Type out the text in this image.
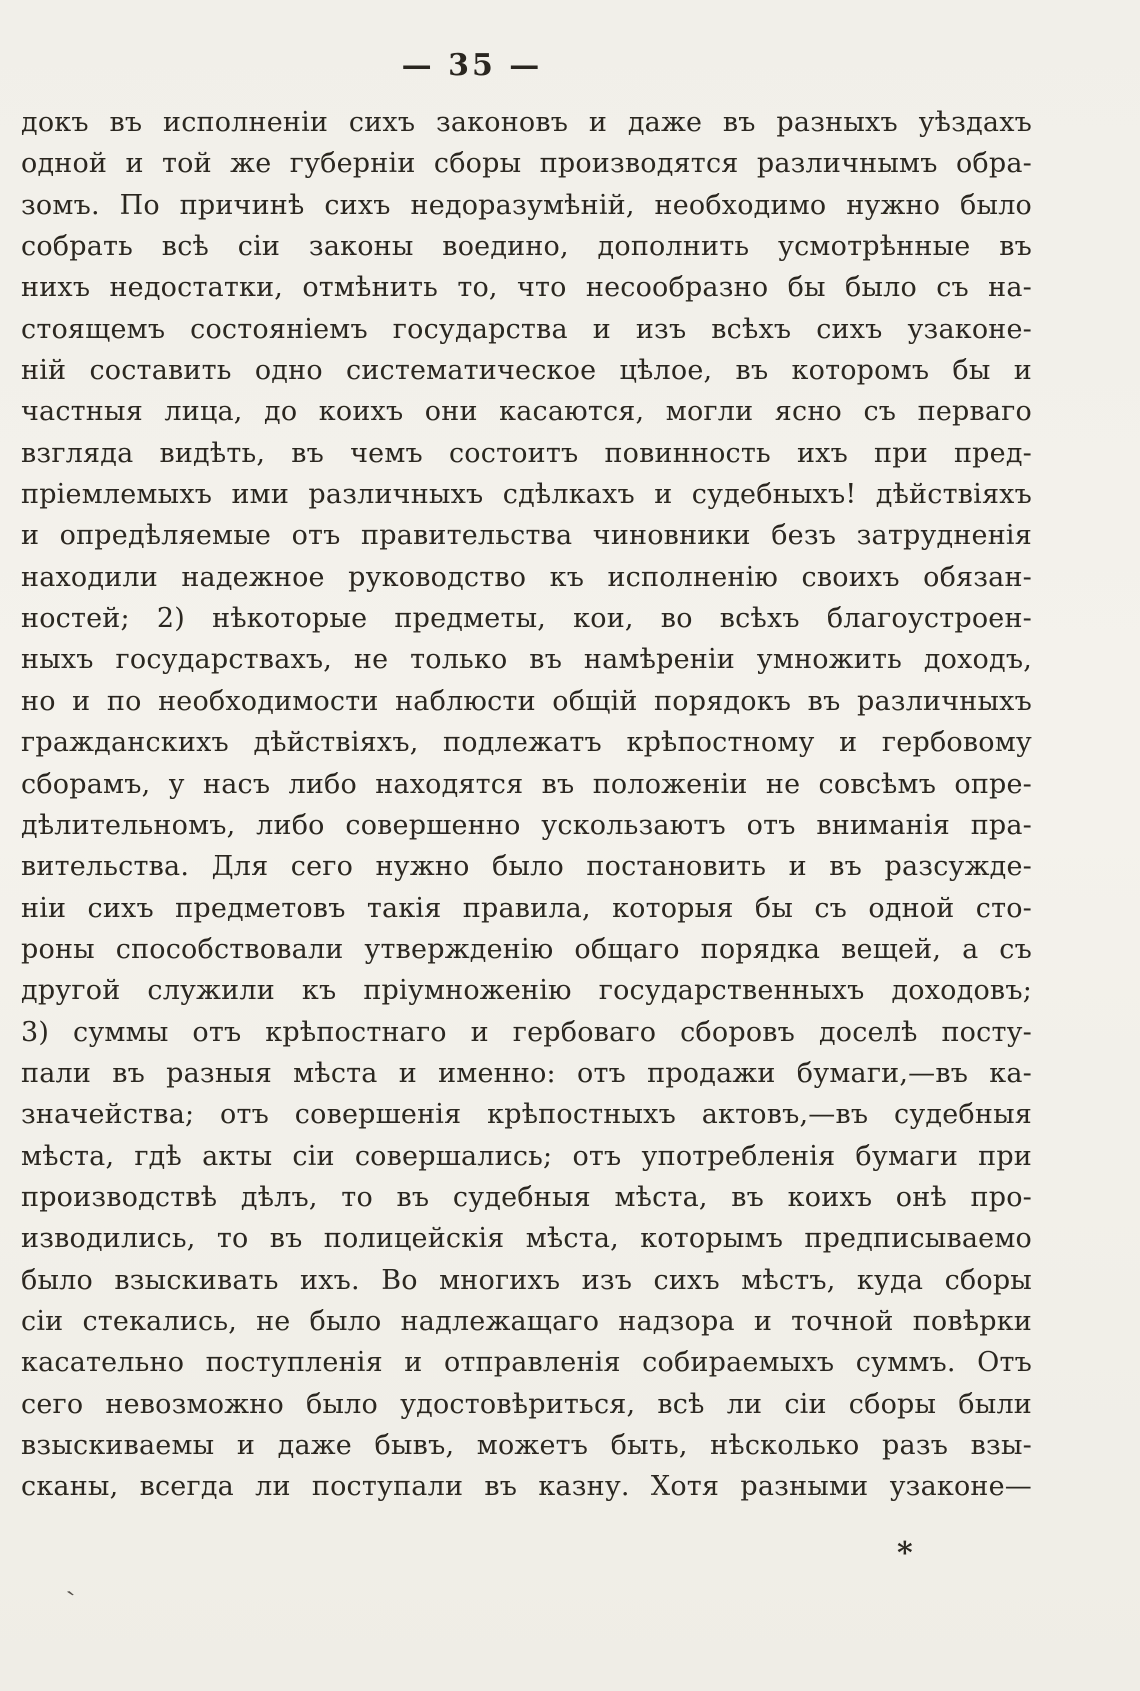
— 35 —
докъ въ исполненіи сихъ законовъ и даже въ разныхъ уѣздахъ
одной и той же губерніи сборы производятся различнымъ обра-
зомъ. По причинѣ сихъ недоразумѣній, необходимо нужно было
собрать всѣ сіи законы воедино, дополнить усмотрѣнные въ
нихъ недостатки, отмѣнить то, что несообразно бы было съ на-
стоящемъ состояніемъ государства и изъ всѣхъ сихъ узаконе-
ній составить одно систематическое цѣлое, въ которомъ бы и
частныя лица, до коихъ они касаются, могли ясно съ перваго
взгляда видѣть, въ чемъ состоитъ повинность ихъ при пред-
пріемлемыхъ ими различныхъ сдѣлкахъ и судебныхъ! дѣйствіяхъ
и опредѣляемые отъ правительства чиновники безъ затрудненія
находили надежное руководство къ исполненію своихъ обязан-
ностей; 2) нѣкоторые предметы, кои, во всѣхъ благоустроен-
ныхъ государствахъ, не только въ намѣреніи умножить доходъ,
но и по необходимости наблюсти общій порядокъ въ различныхъ
гражданскихъ дѣйствіяхъ, подлежатъ крѣпостному и гербовому
сборамъ, у насъ либо находятся въ положеніи не совсѣмъ опре-
дѣлительномъ, либо совершенно ускользаютъ отъ вниманія пра-
вительства. Для сего нужно было постановить и въ разсужде-
ніи сихъ предметовъ такія правила, которыя бы съ одной сто-
роны способствовали утвержденію общаго порядка вещей, а съ
другой служили къ пріумноженію государственныхъ доходовъ;
3) суммы отъ крѣпостнаго и гербоваго сборовъ доселѣ посту-
пали въ разныя мѣста и именно: отъ продажи бумаги,—въ ка-
значейства; отъ совершенія крѣпостныхъ актовъ,—въ судебныя
мѣста, гдѣ акты сіи совершались; отъ употребленія бумаги при
производствѣ дѣлъ, то въ судебныя мѣста, въ коихъ онѣ про-
изводились, то въ полицейскія мѣста, которымъ предписываемо
было взыскивать ихъ. Во многихъ изъ сихъ мѣстъ, куда сборы
сіи стекались, не было надлежащаго надзора и точной повѣрки
касательно поступленія и отправленія собираемыхъ суммъ. Отъ
сего невозможно было удостовѣриться, всѣ ли сіи сборы были
взыскиваемы и даже бывъ, можетъ быть, нѣсколько разъ взы-
сканы, всегда ли поступали въ казну. Хотя разными узаконе—
*
`
